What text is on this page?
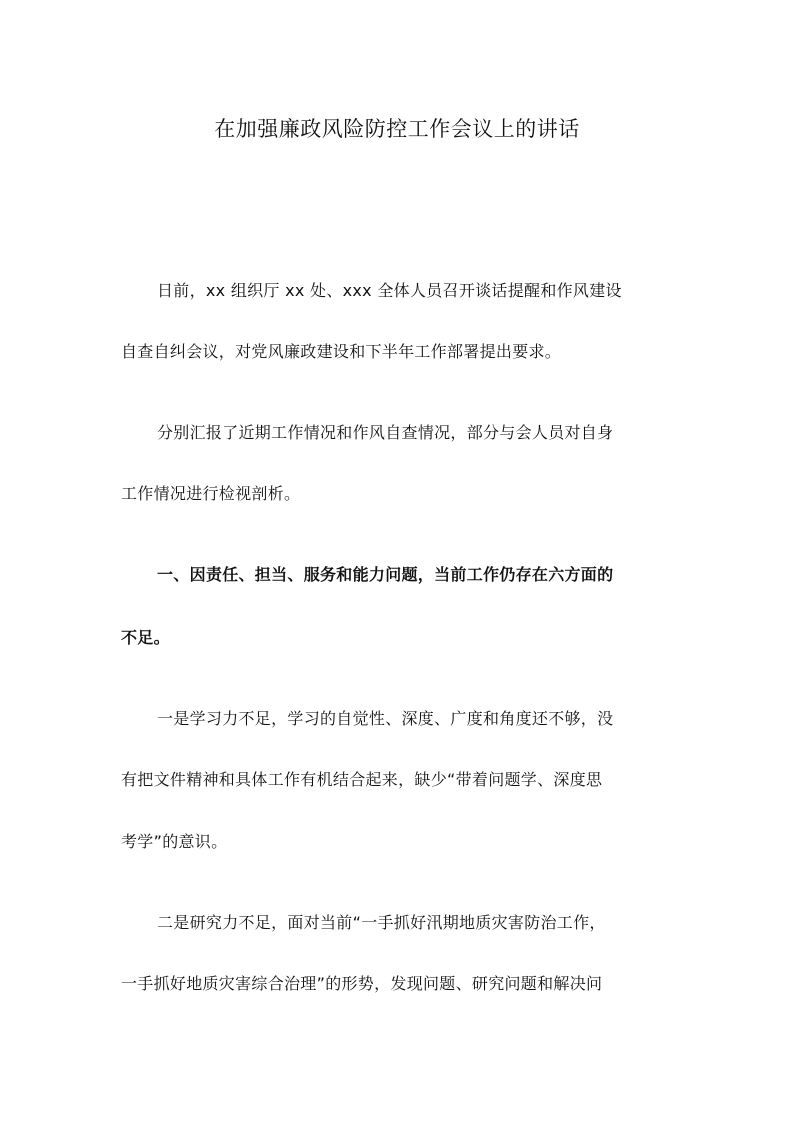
在加强廉政风险防控工作会议上的讲话
日前，xx 组织厅 xx 处、xxx 全体人员召开谈话提醒和作风建设
自查自纠会议，对党风廉政建设和下半年工作部署提出要求。
分别汇报了近期工作情况和作风自查情况，部分与会人员对自身
工作情况进行检视剖析。
一、因责任、担当、服务和能力问题，当前工作仍存在六方面的
不足。
一是学习力不足，学习的自觉性、深度、广度和角度还不够，没
有把文件精神和具体工作有机结合起来，缺少“带着问题学、深度思
考学”的意识。
二是研究力不足，面对当前“一手抓好汛期地质灾害防治工作，
一手抓好地质灾害综合治理”的形势，发现问题、研究问题和解决问
